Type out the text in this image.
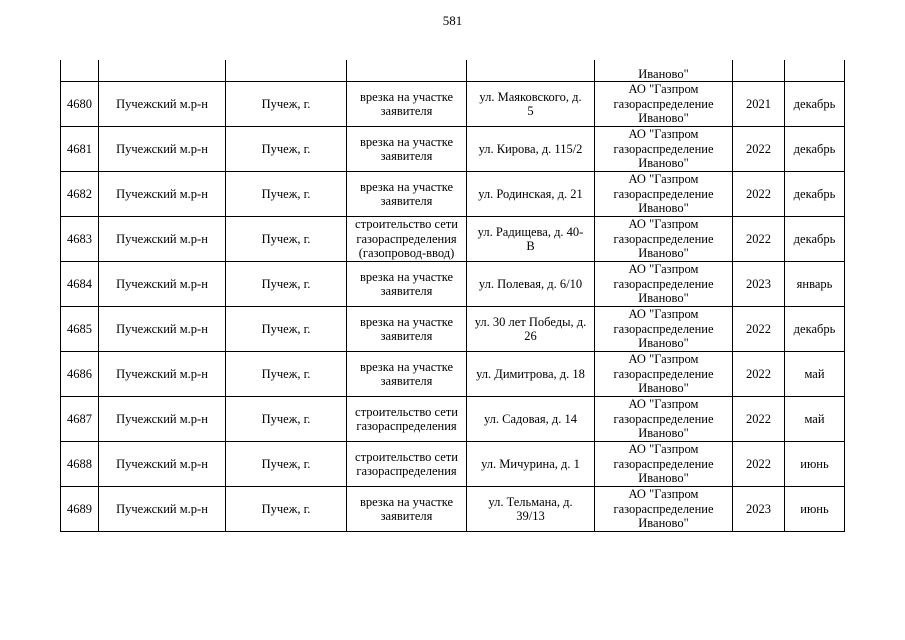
581
					Иваново"		
4680	Пучежский м.р-н	Пучеж, г.	врезка на участке
заявителя	ул. Маяковского, д.
5	АО "Газпром
газораспределение
Иваново"	2021	декабрь
4681	Пучежский м.р-н	Пучеж, г.	врезка на участке
заявителя	ул. Кирова, д. 115/2	АО "Газпром
газораспределение
Иваново"	2022	декабрь
4682	Пучежский м.р-н	Пучеж, г.	врезка на участке
заявителя	ул. Родинская, д. 21	АО "Газпром
газораспределение
Иваново"	2022	декабрь
4683	Пучежский м.р-н	Пучеж, г.	строительство сети
газораспределения
(газопровод-ввод)	ул. Радищева, д. 40-
В	АО "Газпром
газораспределение
Иваново"	2022	декабрь
4684	Пучежский м.р-н	Пучеж, г.	врезка на участке
заявителя	ул. Полевая, д. 6/10	АО "Газпром
газораспределение
Иваново"	2023	январь
4685	Пучежский м.р-н	Пучеж, г.	врезка на участке
заявителя	ул. 30 лет Победы, д.
26	АО "Газпром
газораспределение
Иваново"	2022	декабрь
4686	Пучежский м.р-н	Пучеж, г.	врезка на участке
заявителя	ул. Димитрова, д. 18	АО "Газпром
газораспределение
Иваново"	2022	май
4687	Пучежский м.р-н	Пучеж, г.	строительство сети
газораспределения	ул. Садовая, д. 14	АО "Газпром
газораспределение
Иваново"	2022	май
4688	Пучежский м.р-н	Пучеж, г.	строительство сети
газораспределения	ул. Мичурина, д. 1	АО "Газпром
газораспределение
Иваново"	2022	июнь
4689	Пучежский м.р-н	Пучеж, г.	врезка на участке
заявителя	ул. Тельмана, д.
39/13	АО "Газпром
газораспределение
Иваново"	2023	июнь
